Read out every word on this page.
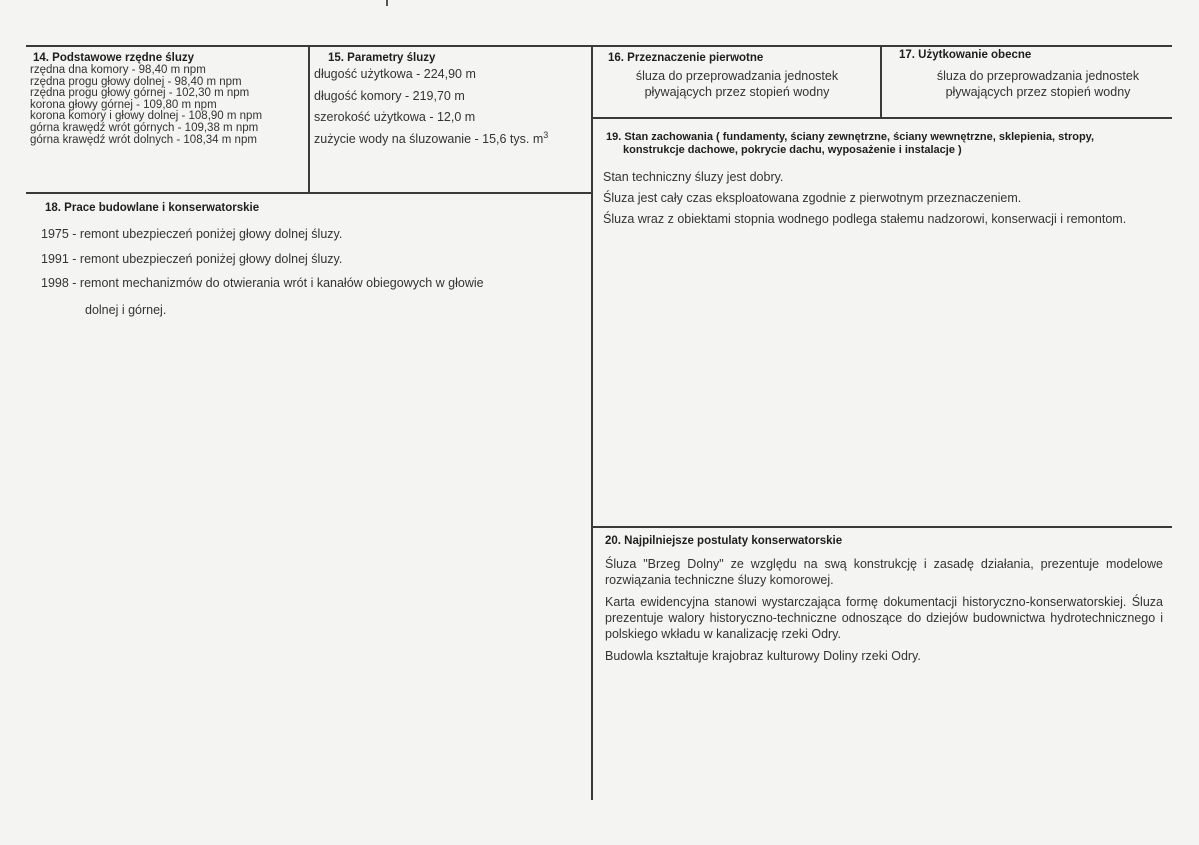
14. Podstawowe rzędne śluzy

rzędna dna komory - 98,40 m npm

rzędna progu głowy dolnej - 98,40 m npm

rzędna progu głowy górnej - 102,30 m npm

korona głowy górnej - 109,80 m npm

korona komory i głowy dolnej - 108,90 m npm

górna krawędź wrót górnych - 109,38 m npm

górna krawędź wrót dolnych - 108,34 m npm

15. Parametry śluzy

długość użytkowa - 224,90 m

długość komory - 219,70 m

szerokość użytkowa - 12,0 m

zużycie wody na śluzowanie - 15,6 tys. $m^3$

16. Przeznaczenie pierwotne

śluza do przeprowadzania jednostek

pływających przez stopień wodny

17. Użytkowanie obecne

śluza do przeprowadzania jednostek

pływających przez stopień wodny

18. Prace budowlane i konserwatorskie

1975 - remont ubezpieczeń poniżej głowy dolnej śluzy.

1991 - remont ubezpieczeń poniżej głowy dolnej śluzy.

1998 - remont mechanizmów do otwierania wrót i kanałów obiegowych w głowie

dolnej i górnej.

19. Stan zachowania ( fundamenty, ściany zewnętrzne, ściany wewnętrzne, sklepienia, stropy,

konstrukcje dachowe, pokrycie dachu, wyposażenie i instalacje )

Stan techniczny śluzy jest dobry.

Śluza jest cały czas eksploatowana zgodnie z pierwotnym przeznaczeniem.

Śluza wraz z obiektami stopnia wodnego podlega stałemu nadzorowi, konserwacji i remontom.

20. Najpilniejsze postulaty konserwatorskie

Śluza "Brzeg Dolny" ze względu na swą konstrukcję i zasadę działania, prezentuje modelowe rozwiązania techniczne śluzy komorowej.

Karta ewidencyjna stanowi wystarczająca formę dokumentacji historyczno-konserwatorskiej. Śluza prezentuje walory historyczno-techniczne odnoszące do dziejów budownictwa hydrotechnicznego i polskiego wkładu w kanalizację rzeki Odry.

Budowla kształtuje krajobraz kulturowy Doliny rzeki Odry.
